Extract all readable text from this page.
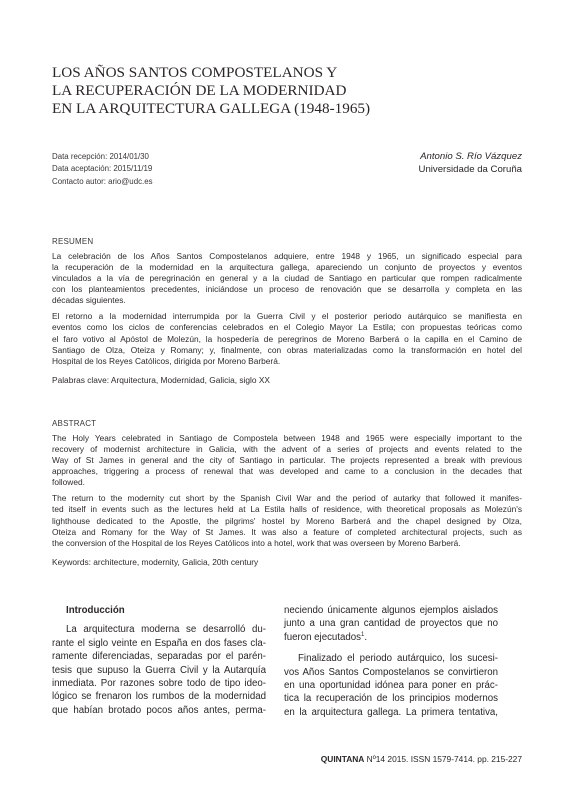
LOS AÑOS SANTOS COMPOSTELANOS Y
LA RECUPERACIÓN DE LA MODERNIDAD
EN LA ARQUITECTURA GALLEGA (1948-1965)
Data recepción: 2014/01/30
Data aceptación: 2015/11/19
Contacto autor: ario@udc.es
Antonio S. Río Vázquez
Universidade da Coruña
RESUMEN

La celebración de los Años Santos Compostelanos adquiere, entre 1948 y 1965, un significado especial para
la recuperación de la modernidad en la arquitectura gallega, apareciendo un conjunto de proyectos y eventos
vinculados a la vía de peregrinación en general y a la ciudad de Santiago en particular que rompen radicalmente
con los planteamientos precedentes, iniciándose un proceso de renovación que se desarrolla y completa en las
décadas siguientes.

El retorno a la modernidad interrumpida por la Guerra Civil y el posterior periodo autárquico se manifiesta en
eventos como los ciclos de conferencias celebrados en el Colegio Mayor La Estila; con propuestas teóricas como
el faro votivo al Apóstol de Molezún, la hospedería de peregrinos de Moreno Barberá o la capilla en el Camino de
Santiago de Olza, Oteiza y Romany; y, finalmente, con obras materializadas como la transformación en hotel del
Hospital de los Reyes Católicos, dirigida por Moreno Barberá.

Palabras clave: Arquitectura, Modernidad, Galicia, siglo XX
ABSTRACT

The Holy Years celebrated in Santiago de Compostela between 1948 and 1965 were especially important to the
recovery of modernist architecture in Galicia, with the advent of a series of projects and events related to the
Way of St James in general and the city of Santiago in particular. The projects represented a break with previous
approaches, triggering a process of renewal that was developed and came to a conclusion in the decades that
followed.

The return to the modernity cut short by the Spanish Civil War and the period of autarky that followed it manifes-
ted itself in events such as the lectures held at La Estila halls of residence, with theoretical proposals as Molezún's
lighthouse dedicated to the Apostle, the pilgrims' hostel by Moreno Barberá and the chapel designed by Olza,
Oteiza and Romany for the Way of St James. It was also a feature of completed architectural projects, such as
the conversion of the Hospital de los Reyes Católicos into a hotel, work that was overseen by Moreno Barberá.

Keywords: architecture, modernity, Galicia, 20th century
Introducción
La arquitectura moderna se desarrolló du-
rante el siglo veinte en España en dos fases cla-
ramente diferenciadas, separadas por el parén-
tesis que supuso la Guerra Civil y la Autarquía
inmediata. Por razones sobre todo de tipo ideo-
lógico se frenaron los rumbos de la modernidad
que habían brotado pocos años antes, perma-
neciendo únicamente algunos ejemplos aislados
junto a una gran cantidad de proyectos que no
fueron ejecutados$^1$.
Finalizado el periodo autárquico, los sucesi-
vos Años Santos Compostelanos se convirtieron
en una oportunidad idónea para poner en prác-
tica la recuperación de los principios modernos
en la arquitectura gallega. La primera tentativa,
QUINTANA Nº14 2015. ISSN 1579-7414. pp. 215-227
